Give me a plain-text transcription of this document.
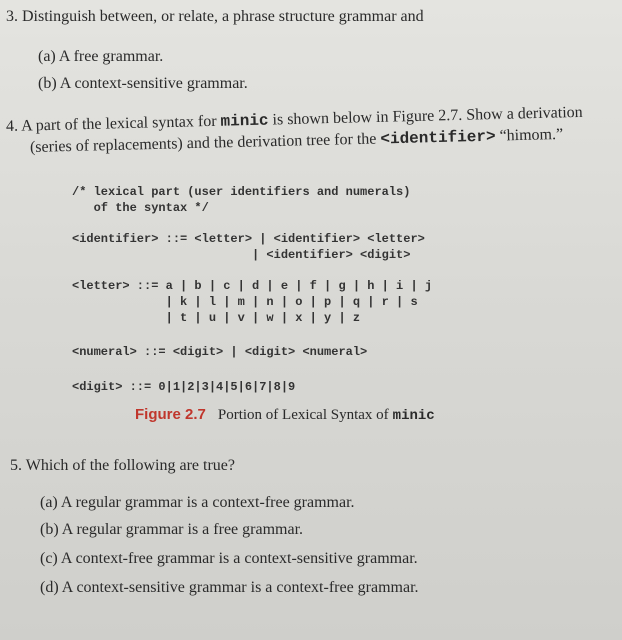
3. Distinguish between, or relate, a phrase structure grammar and
(a) A free grammar.
(b) A context-sensitive grammar.
4. A part of the lexical syntax for minic is shown below in Figure 2.7. Show a derivation
(series of replacements) and the derivation tree for the <identifier> “himom.”
/* lexical part (user identifiers and numerals)
of the syntax */
<identifier> ::= <letter> | <identifier> <letter>
| <identifier> <digit>
<letter> ::= a | b | c | d | e | f | g | h | i | j
| k | l | m | n | o | p | q | r | s
| t | u | v | w | x | y | z
<numeral> ::= <digit> | <digit> <numeral>
<digit> ::= 0|1|2|3|4|5|6|7|8|9
Figure 2.7 Portion of Lexical Syntax of minic
5. Which of the following are true?
(a) A regular grammar is a context-free grammar.
(b) A regular grammar is a free grammar.
(c) A context-free grammar is a context-sensitive grammar.
(d) A context-sensitive grammar is a context-free grammar.
